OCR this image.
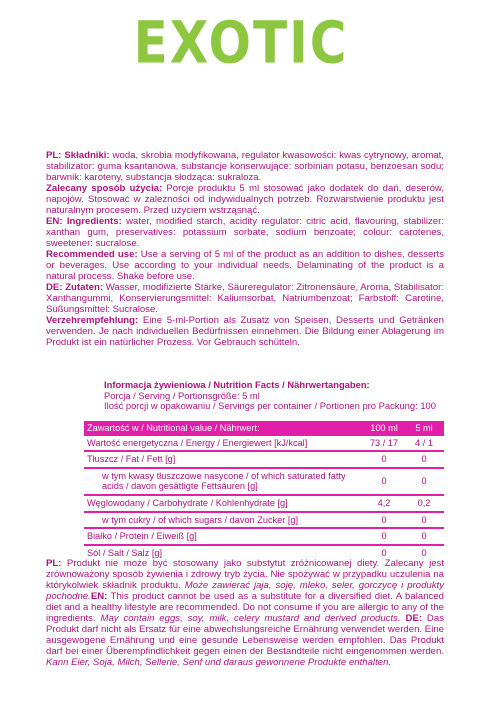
EXOTIC

PL: Składniki: woda, skrobia modyfikowana, regulator kwasowości: kwas cytrynowy, aromat, stabilizator: guma ksantanowa, substancje konserwujące: sorbinian potasu, benzoesan sodu; barwnik: karoteny, substancja słodząca: sukraloza.

Zalecany sposób użycia: Porcje produktu 5 ml stosować jako dodatek do dań, deserów, napojów. Stosować w zależności od indywidualnych potrzeb. Rozwarstwienie produktu jest naturalnym procesem. Przed użyciem wstrząsnąć.

EN: Ingredients: water, modified starch, acidity regulator: citric acid, flavouring, stabilizer: xanthan gum, preservatives: potassium sorbate, sodium benzoate; colour: carotenes, sweetener: sucralose.

Recommended use: Use a serving of 5 ml of the product as an addition to dishes, desserts or beverages. Use according to your individual needs. Delaminating of the product is a natural process. Shake before use.

DE: Zutaten: Wasser, modifizierte Stärke, Säureregulator: Zitronensäure, Aroma, Stabilisator: Xanthangummi, Konservierungsmittel: Kaliumsorbat, Natriumbenzoat; Farbstoff: Carotine, Süßungsmittel: Sucralose.

Verzehrempfehlung: Eine 5-ml-Portion als Zusatz von Speisen, Desserts und Getränken verwenden. Je nach individuellen Bedürfnissen einnehmen. Die Bildung einer Ablagerung im Produkt ist ein natürlicher Prozess. Vor Gebrauch schütteln.

Informacja żywieniowa / Nutrition Facts / Nährwertangaben:
Porcja / Serving / Portionsgröße: 5 ml
Ilość porcji w opakowaniu / Servings per container / Portionen pro Packung: 100
Zawartość w / Nutritional value / Nährwert:	100 ml	5 ml
Wartość energetyczna / Energy / Energiewert [kJ/kcal]	73 / 17	4 / 1
Tłuszcz / Fat / Fett [g]	0	0
w tym kwasy tłuszczowe nasycone / of which saturated fatty acids / davon gesättigte Fettsäuren [g]	0	0
Węglowodany / Carbohydrate / Kohlenhydrate [g]	4,2	0,2
w tym cukry / of which sugars / davon Zucker [g]	0	0
Białko / Protein / Eiweiß [g]	0	0
Sól / Salt / Salz [g]	0	0

PL: Produkt nie może być stosowany jako substytut zróżnicowanej diety. Zalecany jest zrównoważony sposób żywienia i zdrowy tryb życia. Nie spożywać w przypadku uczulenia na którykolwiek składnik produktu. Może zawierać jaja, soję, mleko, seler, gorczycę i produkty pochodne.EN: This product cannot be used as a substitute for a diversified diet. A balanced diet and a healthy lifestyle are recommended. Do not consume if you are allergic to any of the ingredients. May contain eggs, soy, milk, celery mustard and derived products. DE: Das Produkt darf nicht als Ersatz für eine abwechslungsreiche Ernährung verwendet werden. Eine ausgewogene Ernährung und eine gesunde Lebensweise werden empfohlen. Das Produkt darf bei einer Überempfindlichkeit gegen einen der Bestandteile nicht eingenommen werden. Kann Eier, Soja, Milch, Sellerie, Senf und daraus gewonnene Produkte enthalten.
